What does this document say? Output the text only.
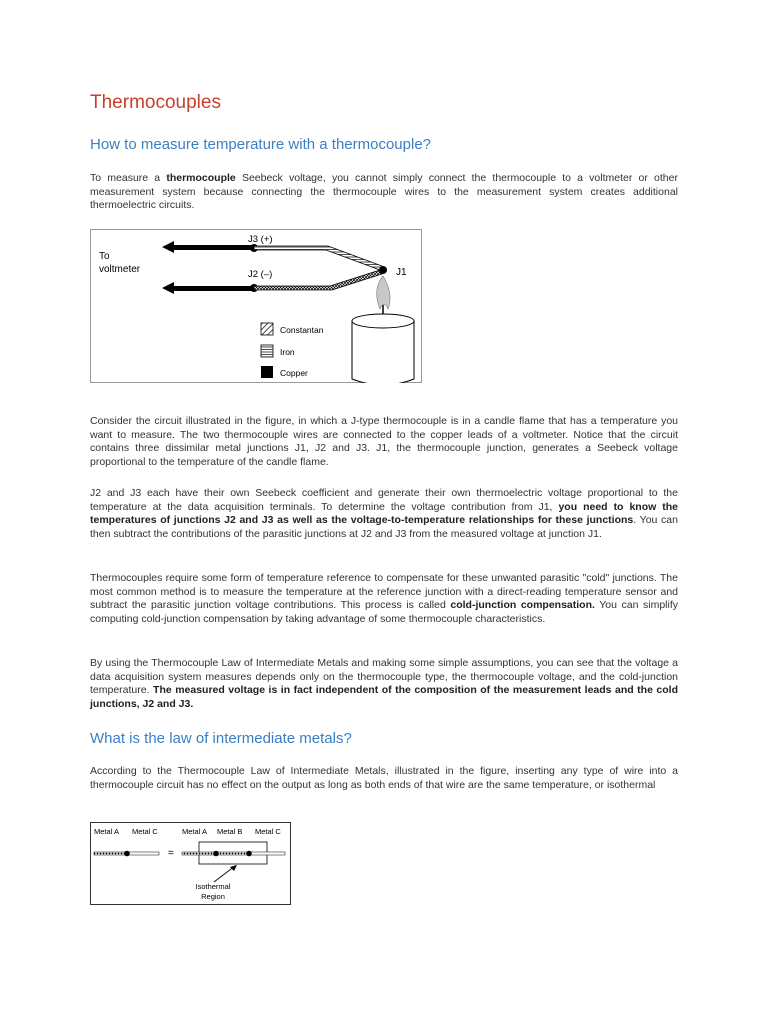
Thermocouples
How to measure temperature with a thermocouple?

To measure a thermocouple Seebeck voltage, you cannot simply connect the thermocouple to a voltmeter or other measurement system because connecting the thermocouple wires to the measurement system creates additional thermoelectric circuits.

To
voltmeter
J3 (+)
J2 (–)	J1
Constantan
Iron
Copper

Consider the circuit illustrated in the figure, in which a J-type thermocouple is in a candle flame that has a temperature you want to measure. The two thermocouple wires are connected to the copper leads of a voltmeter. Notice that the circuit contains three dissimilar metal junctions J1, J2 and J3. J1, the thermocouple junction, generates a Seebeck voltage proportional to the temperature of the candle flame.

J2 and J3 each have their own Seebeck coefficient and generate their own thermoelectric voltage proportional to the temperature at the data acquisition terminals. To determine the voltage contribution from J1, you need to know the temperatures of junctions J2 and J3 as well as the voltage-to-temperature relationships for these junctions. You can then subtract the contributions of the parasitic junctions at J2 and J3 from the measured voltage at junction J1.

Thermocouples require some form of temperature reference to compensate for these unwanted parasitic "cold" junctions. The most common method is to measure the temperature at the reference junction with a direct-reading temperature sensor and subtract the parasitic junction voltage contributions. This process is called cold-junction compensation. You can simplify computing cold-junction compensation by taking advantage of some thermocouple characteristics.

By using the Thermocouple Law of Intermediate Metals and making some simple assumptions, you can see that the voltage a data acquisition system measures depends only on the thermocouple type, the thermocouple voltage, and the cold-junction temperature. The measured voltage is in fact independent of the composition of the measurement leads and the cold junctions, J2 and J3.

What is the law of intermediate metals?

According to the Thermocouple Law of Intermediate Metals, illustrated in the figure, inserting any type of wire into a thermocouple circuit has no effect on the output as long as both ends of that wire are the same temperature, or isothermal

Metal A Metal C	Metal A Metal B Metal C
=
Isothermal
Region
